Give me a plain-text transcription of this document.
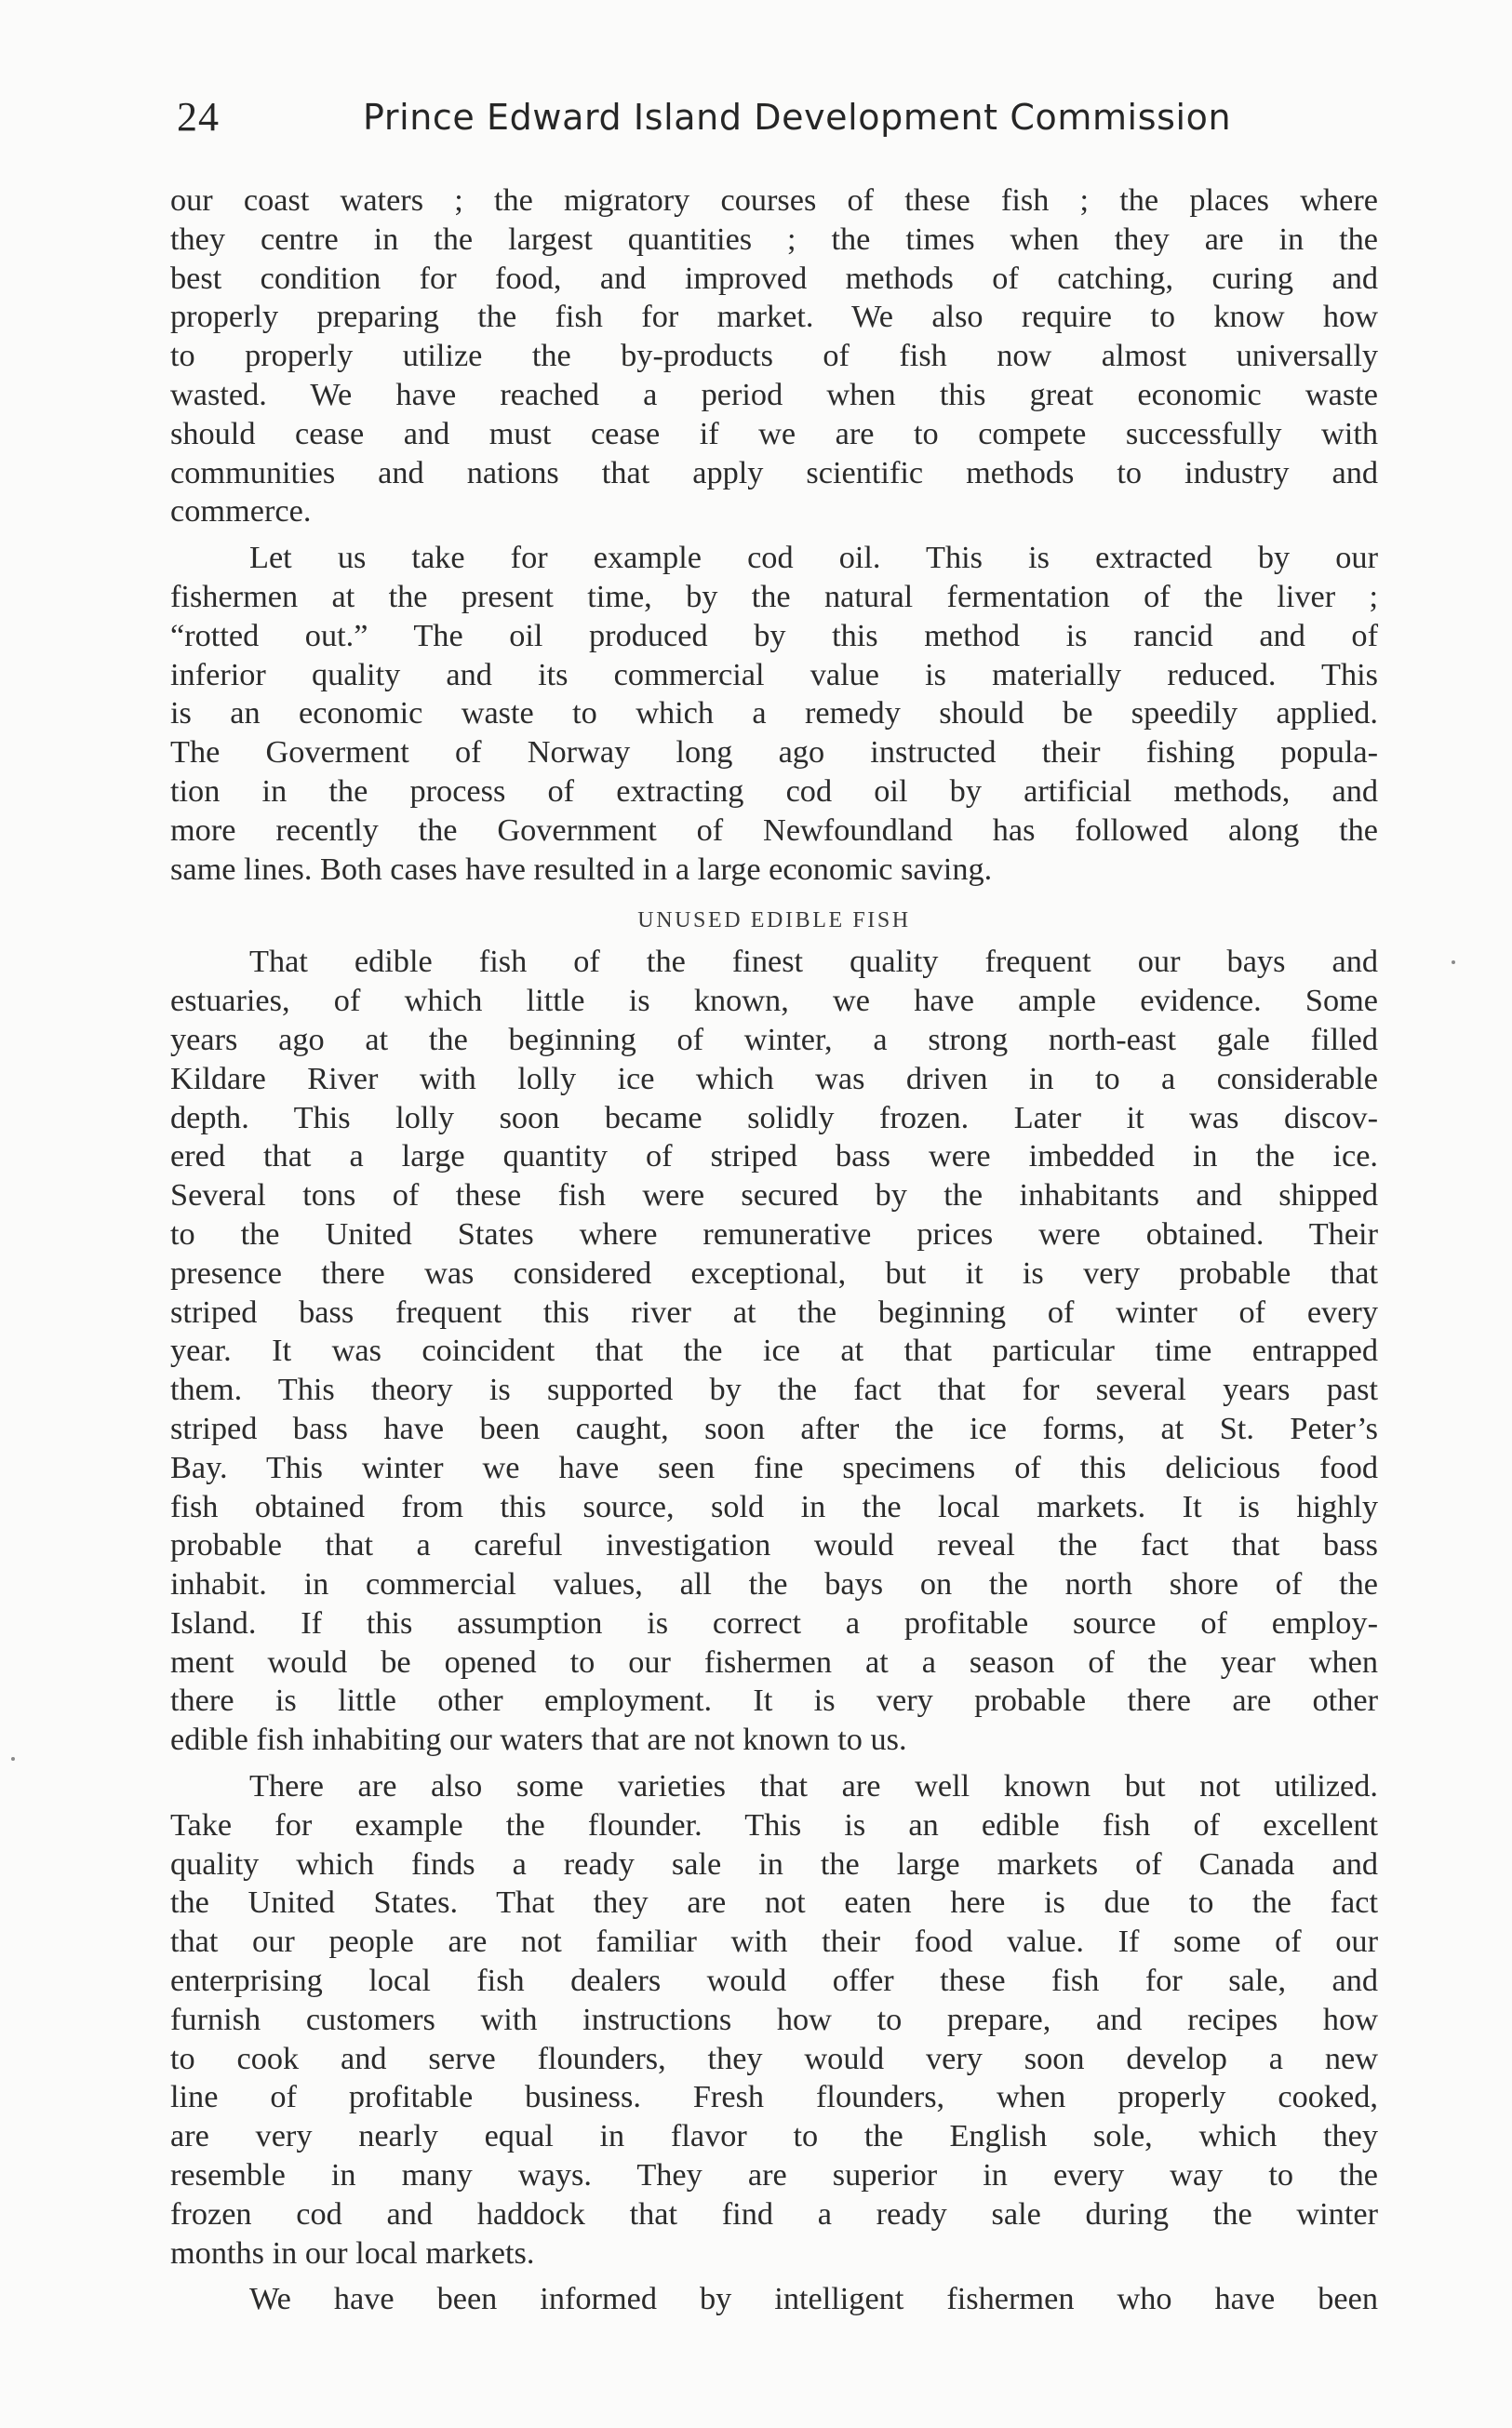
24	Prince Edward Island Development Commission
our coast waters ; the migratory courses of these fish ; the places where
they centre in the largest quantities ; the times when they are in the
best condition for food, and improved methods of catching, curing and
properly preparing the fish for market. We also require to know how
to properly utilize the by-products of fish now almost universally
wasted. We have reached a period when this great economic waste
should cease and must cease if we are to compete successfully with
communities and nations that apply scientific methods to industry and
commerce.
Let us take for example cod oil. This is extracted by our
fishermen at the present time, by the natural fermentation of the liver ;
“rotted out.” The oil produced by this method is rancid and of
inferior quality and its commercial value is materially reduced. This
is an economic waste to which a remedy should be speedily applied.
The Goverment of Norway long ago instructed their fishing popula-
tion in the process of extracting cod oil by artificial methods, and
more recently the Government of Newfoundland has followed along the
same lines. Both cases have resulted in a large economic saving.
UNUSED EDIBLE FISH
That edible fish of the finest quality frequent our bays and
estuaries, of which little is known, we have ample evidence. Some
years ago at the beginning of winter, a strong north-east gale filled
Kildare River with lolly ice which was driven in to a considerable
depth. This lolly soon became solidly frozen. Later it was discov-
ered that a large quantity of striped bass were imbedded in the ice.
Several tons of these fish were secured by the inhabitants and shipped
to the United States where remunerative prices were obtained. Their
presence there was considered exceptional, but it is very probable that
striped bass frequent this river at the beginning of winter of every
year. It was coincident that the ice at that particular time entrapped
them. This theory is supported by the fact that for several years past
striped bass have been caught, soon after the ice forms, at St. Peter’s
Bay. This winter we have seen fine specimens of this delicious food
fish obtained from this source, sold in the local markets. It is highly
probable that a careful investigation would reveal the fact that bass
inhabit. in commercial values, all the bays on the north shore of the
Island. If this assumption is correct a profitable source of employ-
ment would be opened to our fishermen at a season of the year when
there is little other employment. It is very probable there are other
edible fish inhabiting our waters that are not known to us.
There are also some varieties that are well known but not utilized.
Take for example the flounder. This is an edible fish of excellent
quality which finds a ready sale in the large markets of Canada and
the United States. That they are not eaten here is due to the fact
that our people are not familiar with their food value. If some of our
enterprising local fish dealers would offer these fish for sale, and
furnish customers with instructions how to prepare, and recipes how
to cook and serve flounders, they would very soon develop a new
line of profitable business. Fresh flounders, when properly cooked,
are very nearly equal in flavor to the English sole, which they
resemble in many ways. They are superior in every way to the
frozen cod and haddock that find a ready sale during the winter
months in our local markets.
We have been informed by intelligent fishermen who have been
